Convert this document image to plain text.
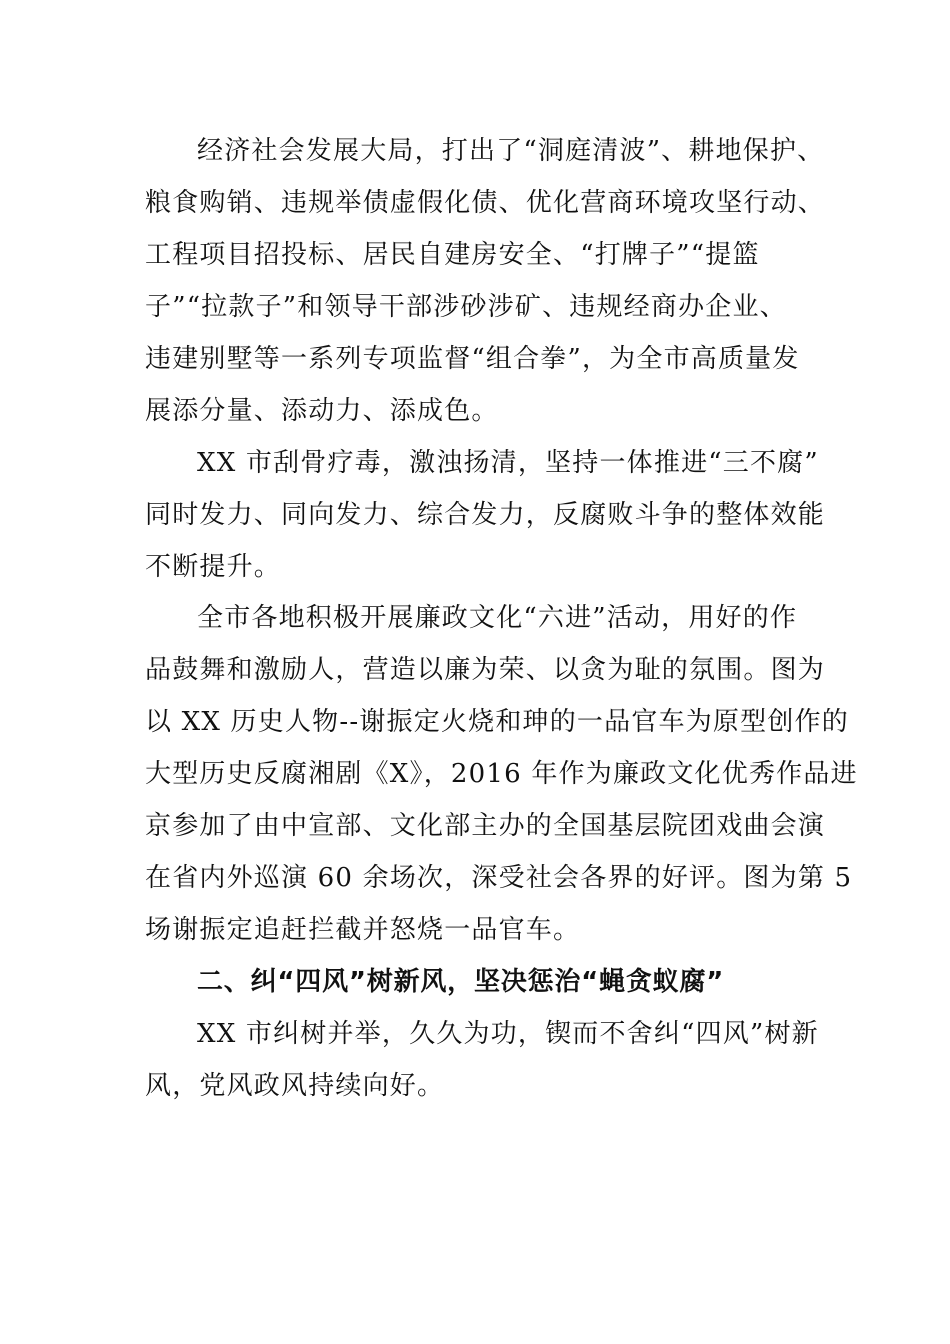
经济社会发展大局，打出了“洞庭清波”、耕地保护、
粮食购销、违规举债虚假化债、优化营商环境攻坚行动、
工程项目招投标、居民自建房安全、“打牌子”“提篮
子”“拉款子”和领导干部涉砂涉矿、违规经商办企业、
违建别墅等一系列专项监督“组合拳”，为全市高质量发
展添分量、添动力、添成色。
XX 市刮骨疗毒，激浊扬清，坚持一体推进“三不腐”
同时发力、同向发力、综合发力，反腐败斗争的整体效能
不断提升。
全市各地积极开展廉政文化“六进”活动，用好的作
品鼓舞和激励人，营造以廉为荣、以贪为耻的氛围。图为
以 XX 历史人物--谢振定火烧和珅的一品官车为原型创作的
大型历史反腐湘剧《X》，2016 年作为廉政文化优秀作品进
京参加了由中宣部、文化部主办的全国基层院团戏曲会演
在省内外巡演 60 余场次，深受社会各界的好评。图为第 5
场谢振定追赶拦截并怒烧一品官车。
二、纠“四风”树新风，坚决惩治“蝇贪蚁腐”
XX 市纠树并举，久久为功，锲而不舍纠“四风”树新
风，党风政风持续向好。
